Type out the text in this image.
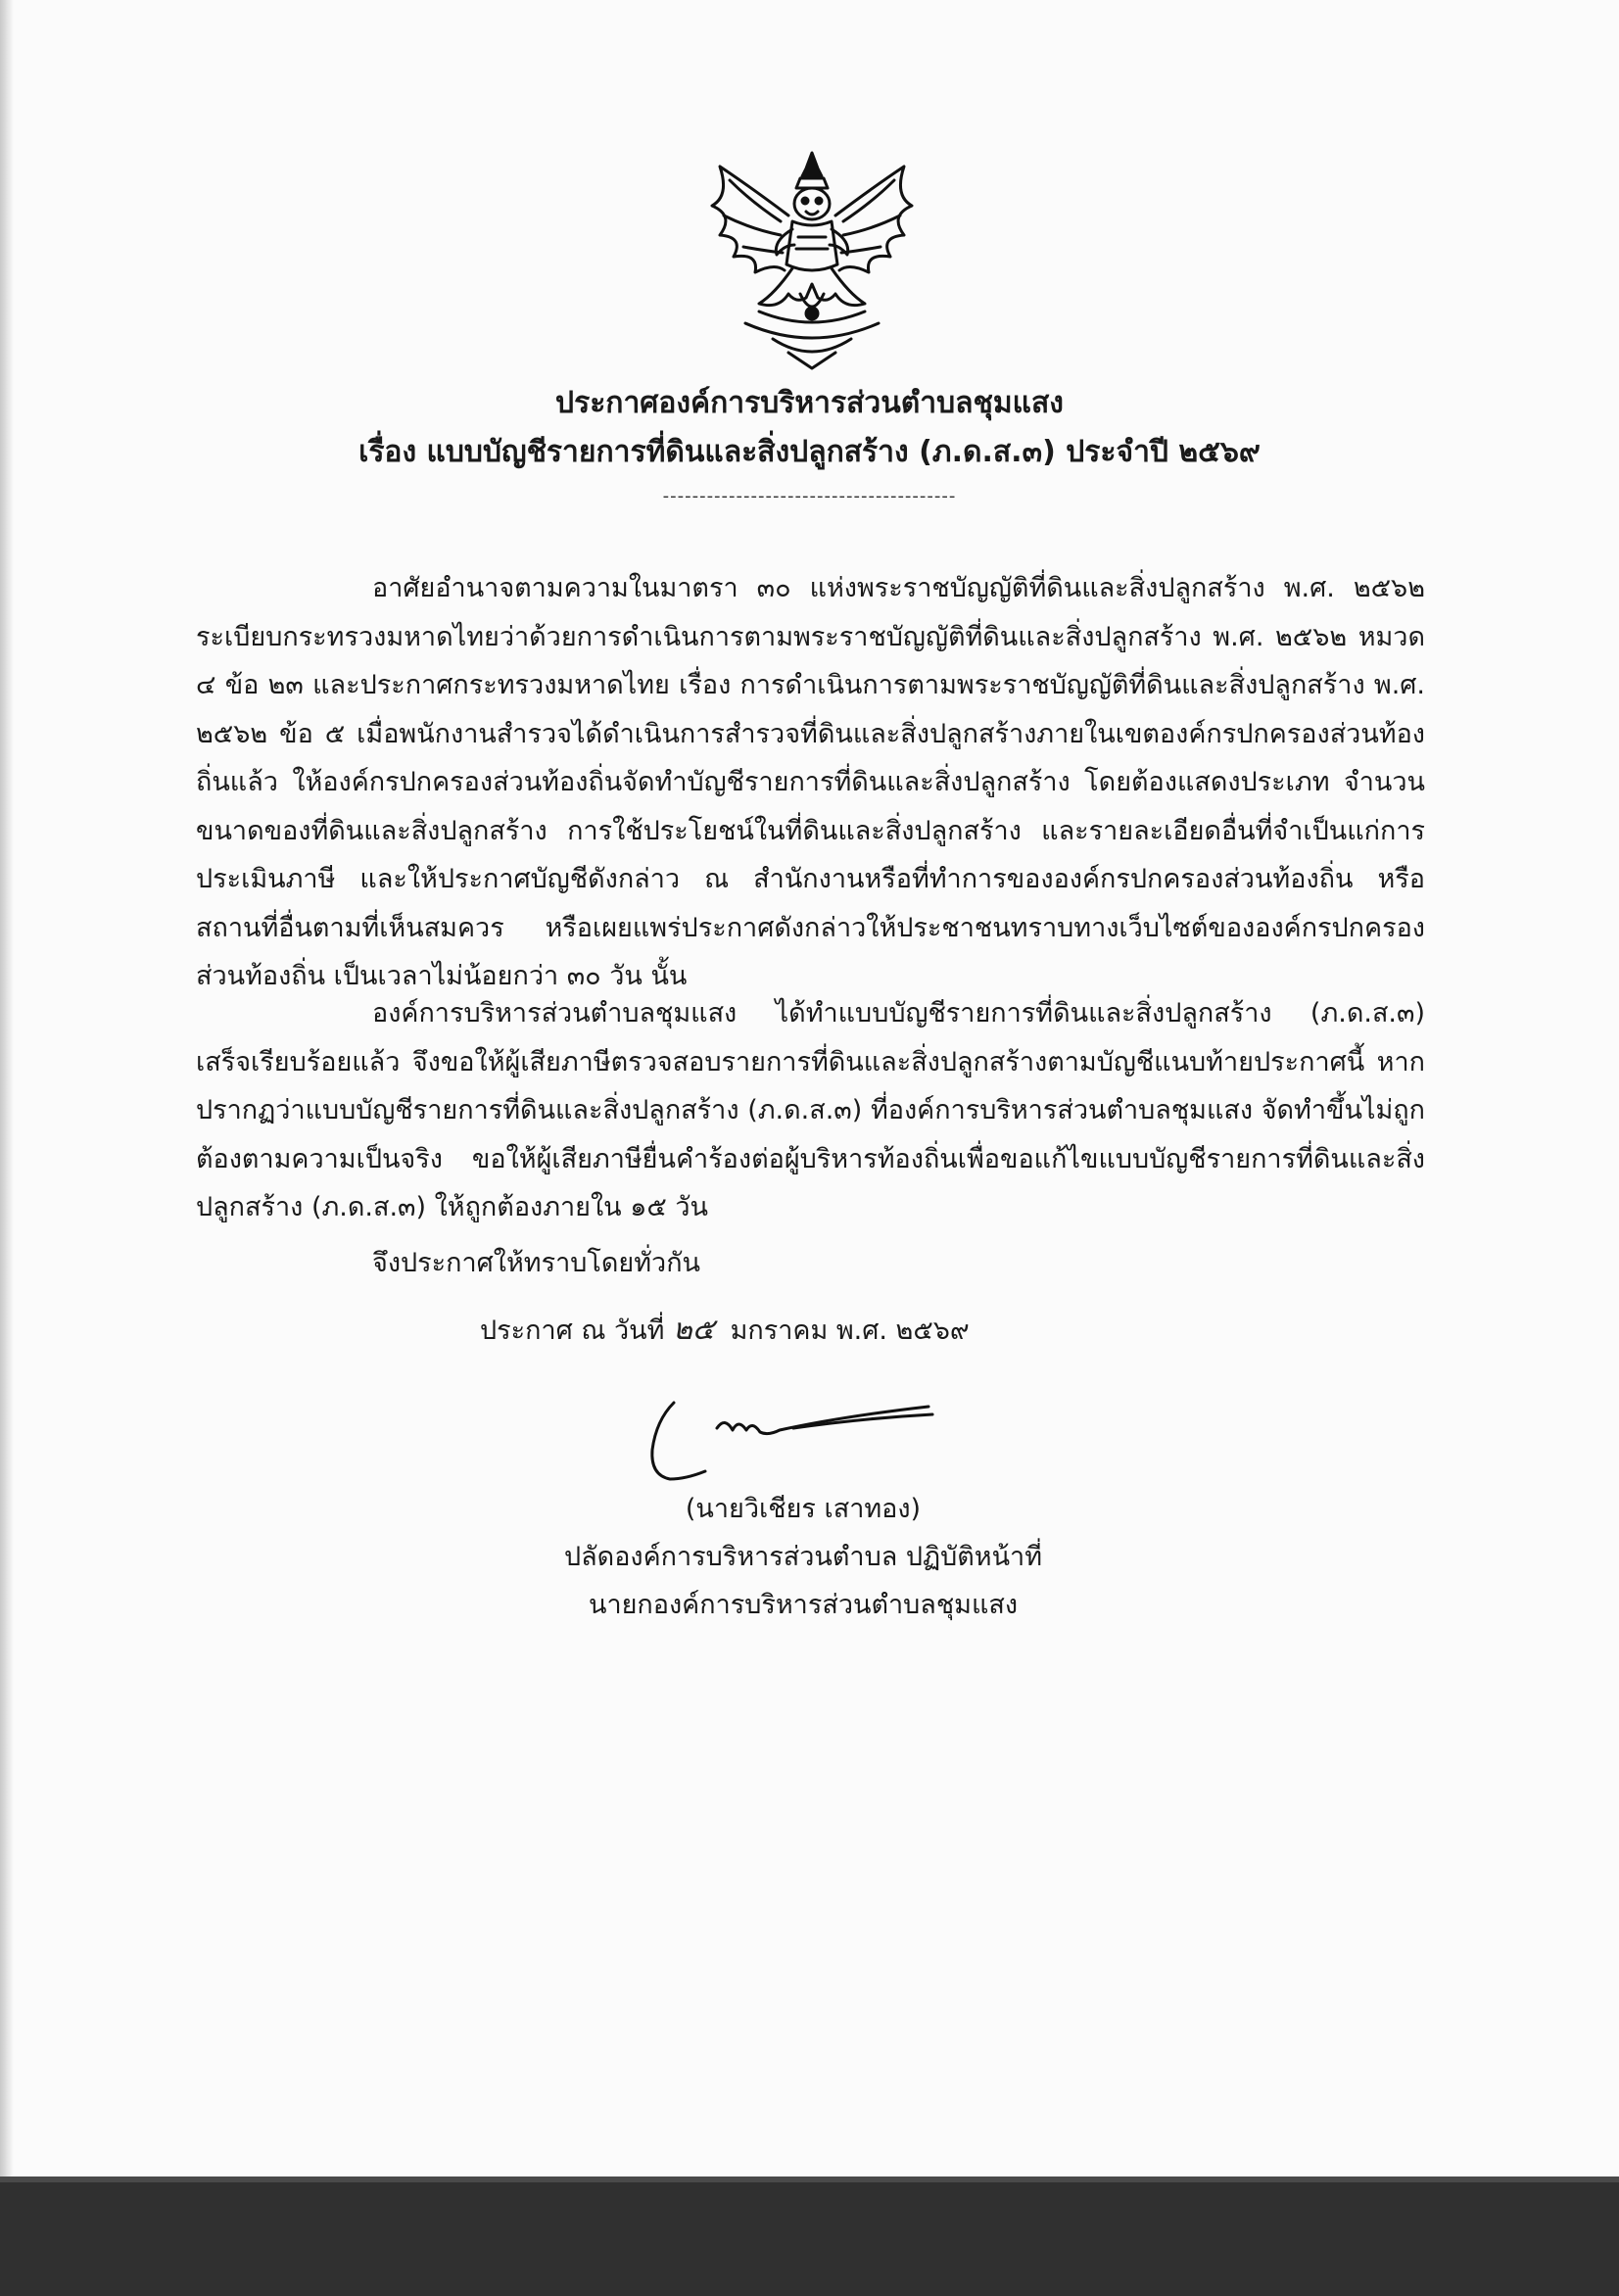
ประกาศองค์การบริหารส่วนตำบลชุมแสง
เรื่อง แบบบัญชีรายการที่ดินและสิ่งปลูกสร้าง (ภ.ด.ส.๓) ประจำปี ๒๕๖๙
----------------------------------------

อาศัยอำนาจตามความในมาตรา ๓๐ แห่งพระราชบัญญัติที่ดินและสิ่งปลูกสร้าง พ.ศ. ๒๕๖๒ ระเบียบกระทรวงมหาดไทยว่าด้วยการดำเนินการตามพระราชบัญญัติที่ดินและสิ่งปลูกสร้าง พ.ศ. ๒๕๖๒ หมวด ๔ ข้อ ๒๓ และประกาศกระทรวงมหาดไทย เรื่อง การดำเนินการตามพระราชบัญญัติที่ดินและสิ่งปลูกสร้าง พ.ศ. ๒๕๖๒ ข้อ ๕ เมื่อพนักงานสำรวจได้ดำเนินการสำรวจที่ดินและสิ่งปลูกสร้างภายในเขตองค์กรปกครองส่วนท้องถิ่นแล้ว ให้องค์กรปกครองส่วนท้องถิ่นจัดทำบัญชีรายการที่ดินและสิ่งปลูกสร้าง โดยต้องแสดงประเภท จำนวน ขนาดของที่ดินและสิ่งปลูกสร้าง การใช้ประโยชน์ในที่ดินและสิ่งปลูกสร้าง และรายละเอียดอื่นที่จำเป็นแก่การประเมินภาษี และให้ประกาศบัญชีดังกล่าว ณ สำนักงานหรือที่ทำการขององค์กรปกครองส่วนท้องถิ่น หรือสถานที่อื่นตามที่เห็นสมควร หรือเผยแพร่ประกาศดังกล่าวให้ประชาชนทราบทางเว็บไซต์ขององค์กรปกครองส่วนท้องถิ่น เป็นเวลาไม่น้อยกว่า ๓๐ วัน นั้น

องค์การบริหารส่วนตำบลชุมแสง ได้ทำแบบบัญชีรายการที่ดินและสิ่งปลูกสร้าง (ภ.ด.ส.๓) เสร็จเรียบร้อยแล้ว จึงขอให้ผู้เสียภาษีตรวจสอบรายการที่ดินและสิ่งปลูกสร้างตามบัญชีแนบท้ายประกาศนี้ หากปรากฏว่าแบบบัญชีรายการที่ดินและสิ่งปลูกสร้าง (ภ.ด.ส.๓) ที่องค์การบริหารส่วนตำบลชุมแสง จัดทำขึ้นไม่ถูกต้องตามความเป็นจริง ขอให้ผู้เสียภาษียื่นคำร้องต่อผู้บริหารท้องถิ่นเพื่อขอแก้ไขแบบบัญชีรายการที่ดินและสิ่งปลูกสร้าง (ภ.ด.ส.๓) ให้ถูกต้องภายใน ๑๕ วัน

จึงประกาศให้ทราบโดยทั่วกัน
ประกาศ ณ วันที่ ๒๕ มกราคม พ.ศ. ๒๕๖๙
(นายวิเชียร เสาทอง)
ปลัดองค์การบริหารส่วนตำบล ปฏิบัติหน้าที่
นายกองค์การบริหารส่วนตำบลชุมแสง
